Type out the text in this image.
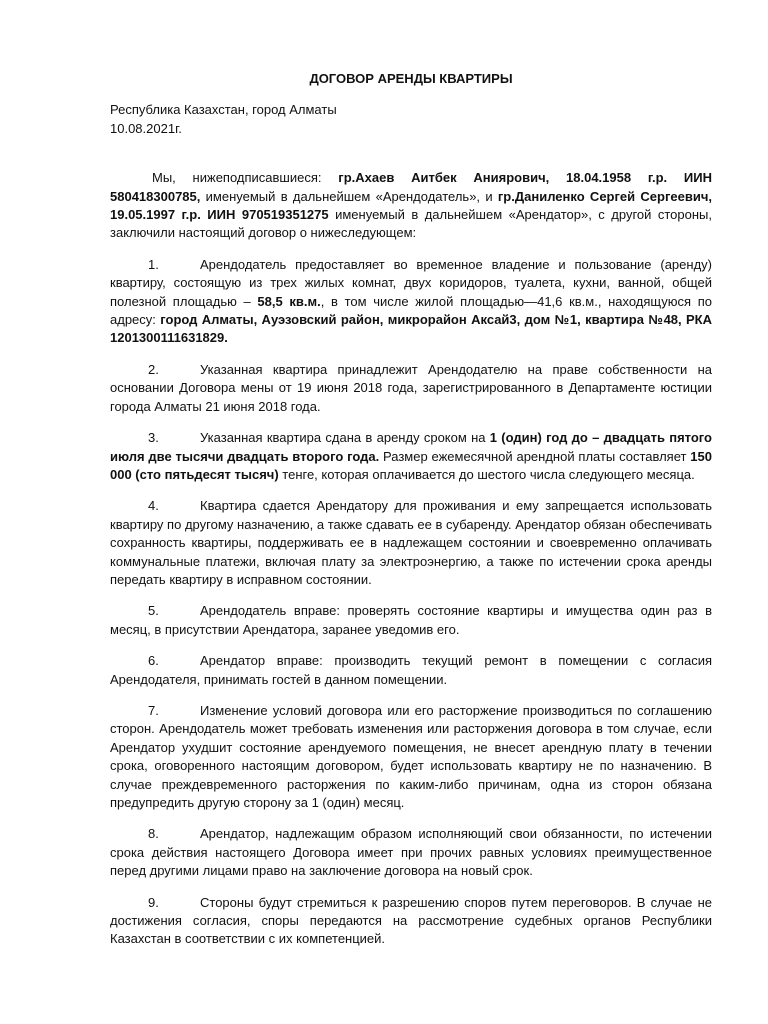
ДОГОВОР АРЕНДЫ КВАРТИРЫ
Республика Казахстан, город Алматы
10.08.2021г.

Мы, нижеподписавшиеся: гр.Ахаев Аитбек Аниярович, 18.04.1958 г.р. ИИН 580418300785, именуемый в дальнейшем «Арендодатель», и гр.Даниленко Сергей Сергеевич, 19.05.1997 г.р. ИИН 970519351275 именуемый в дальнейшем «Арендатор», с другой стороны, заключили настоящий договор о нижеследующем:

1.	Арендодатель предоставляет во временное владение и пользование (аренду) квартиру, состоящую из трех жилых комнат, двух коридоров, туалета, кухни, ванной, общей полезной площадью – 58,5 кв.м., в том числе жилой площадью—41,6 кв.м., находящуюся по адресу: город Алматы, Ауэзовский район, микрорайон Аксай3, дом №1, квартира №48, РКА 1201300111631829.

2.	Указанная квартира принадлежит Арендодателю на праве собственности на основании Договора мены от 19 июня 2018 года, зарегистрированного в Департаменте юстиции города Алматы 21 июня 2018 года.

3.	Указанная квартира сдана в аренду сроком на 1 (один) год до – двадцать пятого июля две тысячи двадцать второго года. Размер ежемесячной арендной платы составляет 150 000 (сто пятьдесят тысяч) тенге, которая оплачивается до шестого числа следующего месяца.

4.	Квартира сдается Арендатору для проживания и ему запрещается использовать квартиру по другому назначению, а также сдавать ее в субаренду. Арендатор обязан обеспечивать сохранность квартиры, поддерживать ее в надлежащем состоянии и своевременно оплачивать коммунальные платежи, включая плату за электроэнергию, а также по истечении срока аренды передать квартиру в исправном состоянии.

5.	Арендодатель вправе: проверять состояние квартиры и имущества один раз в месяц, в присутствии Арендатора, заранее уведомив его.

6.	Арендатор вправе: производить текущий ремонт в помещении с согласия Арендодателя, принимать гостей в данном помещении.

7.	Изменение условий договора или его расторжение производиться по соглашению сторон. Арендодатель может требовать изменения или расторжения договора в том случае, если Арендатор ухудшит состояние арендуемого помещения, не внесет арендную плату в течении срока, оговоренного настоящим договором, будет использовать квартиру не по назначению. В случае преждевременного расторжения по каким-либо причинам, одна из сторон обязана предупредить другую сторону за 1 (один) месяц.

8.	Арендатор, надлежащим образом исполняющий свои обязанности, по истечении срока действия настоящего Договора имеет при прочих равных условиях преимущественное перед другими лицами право на заключение договора на новый срок.

9.	Стороны будут стремиться к разрешению споров путем переговоров. В случае не достижения согласия, споры передаются на рассмотрение судебных органов Республики Казахстан в соответствии с их компетенцией.
